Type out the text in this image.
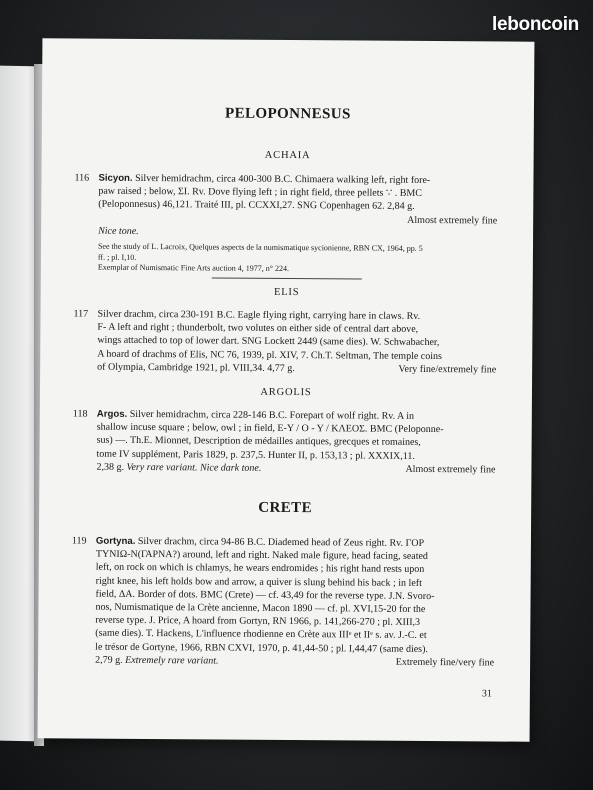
leboncoin
PELOPONNESUS
ACHAIA
116 Sicyon. Silver hemidrachm, circa 400-300 B.C. Chimaera walking left, right fore-
paw raised ; below, ΣΙ. Rv. Dove flying left ; in right field, three pellets ∵ . BMC
(Peloponnesus) 46,121. Traité III, pl. CCXXI,27. SNG Copenhagen 62. 2,84 g.
Almost extremely fine
Nice tone.
See the study of L. Lacroix, Quelques aspects de la numismatique sycionienne, RBN CX, 1964, pp. 5
ff. ; pl. I,10.
Exemplar of Numismatic Fine Arts auction 4, 1977, n° 224.
ELIS
117 Silver drachm, circa 230-191 B.C. Eagle flying right, carrying hare in claws. Rv.
F- A left and right ; thunderbolt, two volutes on either side of central dart above,
wings attached to top of lower dart. SNG Lockett 2449 (same dies). W. Schwabacher,
A hoard of drachms of Elis, NC 76, 1939, pl. XIV, 7. Ch.T. Seltman, The temple coins
of Olympia, Cambridge 1921, pl. VIII,34. 4,77 g.	Very fine/extremely fine
ARGOLIS
118 Argos. Silver hemidrachm, circa 228-146 B.C. Forepart of wolf right. Rv. A in
shallow incuse square ; below, owl ; in field, E-Y / O - Y / ΚΛΕΟΣ. BMC (Peloponne-
sus) —. Th.E. Mionnet, Description de médailles antiques, grecques et romaines,
tome IV supplément, Paris 1829, p. 237,5. Hunter II, p. 153,13 ; pl. XXXIX,11.
2,38 g. Very rare variant. Nice dark tone.	Almost extremely fine
CRETE
119 Gortyna. Silver drachm, circa 94-86 B.C. Diademed head of Zeus right. Rv. ΓΟΡ
ΤΥΝΙΩ-Ν(ΓΑΡΝΑ?) around, left and right. Naked male figure, head facing, seated
left, on rock on which is chlamys, he wears endromides ; his right hand rests upon
right knee, his left holds bow and arrow, a quiver is slung behind his back ; in left
field, ΔΑ. Border of dots. BMC (Crete) — cf. 43,49 for the reverse type. J.N. Svoro-
nos, Numismatique de la Crète ancienne, Macon 1890 — cf. pl. XVI,15-20 for the
reverse type. J. Price, A hoard from Gortyn, RN 1966, p. 141,266-270 ; pl. XIII,3
(same dies). T. Hackens, L'influence rhodienne en Crète aux IIIᵉ et IIᵉ s. av. J.-C. et
le trésor de Gortyne, 1966, RBN CXVI, 1970, p. 41,44-50 ; pl. I,44,47 (same dies).
2,79 g. Extremely rare variant.	Extremely fine/very fine
31
